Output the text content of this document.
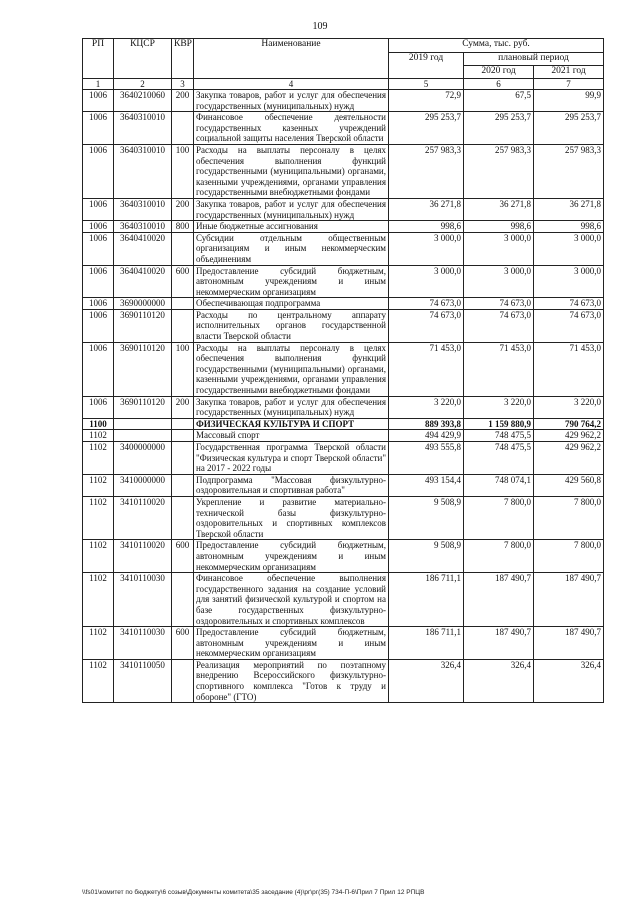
109
РП	КЦСР	КВР	Наименование	Сумма, тыс. руб.		
				2019 год	плановый период	
					2020 год	2021 год
1	2	3	4	5	6	7
1006	3640210060	200	Закупка товаров, работ и услуг для обеспечения государственных (муниципальных) нужд	72,9	67,5	99,9
1006	3640310010		Финансовое обеспечение деятельности государственных казенных учреждений социальной защиты населения Тверской области	295 253,7	295 253,7	295 253,7
1006	3640310010	100	Расходы на выплаты персоналу в целях обеспечения выполнения функций государственными (муниципальными) органами, казенными учреждениями, органами управления государственными внебюджетными фондами	257 983,3	257 983,3	257 983,3
1006	3640310010	200	Закупка товаров, работ и услуг для обеспечения государственных (муниципальных) нужд	36 271,8	36 271,8	36 271,8
1006	3640310010	800	Иные бюджетные ассигнования	998,6	998,6	998,6
1006	3640410020		Субсидии отдельным общественным организациям и иным некоммерческим объединениям	3 000,0	3 000,0	3 000,0
1006	3640410020	600	Предоставление субсидий бюджетным, автономным учреждениям и иным некоммерческим организациям	3 000,0	3 000,0	3 000,0
1006	3690000000		Обеспечивающая подпрограмма	74 673,0	74 673,0	74 673,0
1006	3690110120		Расходы по центральному аппарату исполнительных органов государственной власти Тверской области	74 673,0	74 673,0	74 673,0
1006	3690110120	100	Расходы на выплаты персоналу в целях обеспечения выполнения функций государственными (муниципальными) органами, казенными учреждениями, органами управления государственными внебюджетными фондами	71 453,0	71 453,0	71 453,0
1006	3690110120	200	Закупка товаров, работ и услуг для обеспечения государственных (муниципальных) нужд	3 220,0	3 220,0	3 220,0
1100			ФИЗИЧЕСКАЯ КУЛЬТУРА И СПОРТ	889 393,8	1 159 880,9	790 764,2
1102			Массовый спорт	494 429,9	748 475,5	429 962,2
1102	3400000000		Государственная программа Тверской области "Физическая культура и спорт Тверской области" на 2017 - 2022 годы	493 555,8	748 475,5	429 962,2
1102	3410000000		Подпрограмма "Массовая физкультурно-оздоровительная и спортивная работа"	493 154,4	748 074,1	429 560,8
1102	3410110020		Укрепление и развитие материально-технической базы физкультурно-оздоровительных и спортивных комплексов Тверской области	9 508,9	7 800,0	7 800,0
1102	3410110020	600	Предоставление субсидий бюджетным, автономным учреждениям и иным некоммерческим организациям	9 508,9	7 800,0	7 800,0
1102	3410110030		Финансовое обеспечение выполнения государственного задания на создание условий для занятий физической культурой и спортом на базе государственных физкультурно-оздоровительных и спортивных комплексов	186 711,1	187 490,7	187 490,7
1102	3410110030	600	Предоставление субсидий бюджетным, автономным учреждениям и иным некоммерческим организациям	186 711,1	187 490,7	187 490,7
1102	3410110050		Реализация мероприятий по поэтапному внедрению Всероссийского физкультурно-спортивного комплекса "Готов к труду и обороне" (ГТО)	326,4	326,4	326,4
\\fs01\комитет по бюджету\6 созыв\Документы комитета\35 заседание (4)\рг\рг(35) 734-П-6\Прил 7 Прил 12 РПЦВ
